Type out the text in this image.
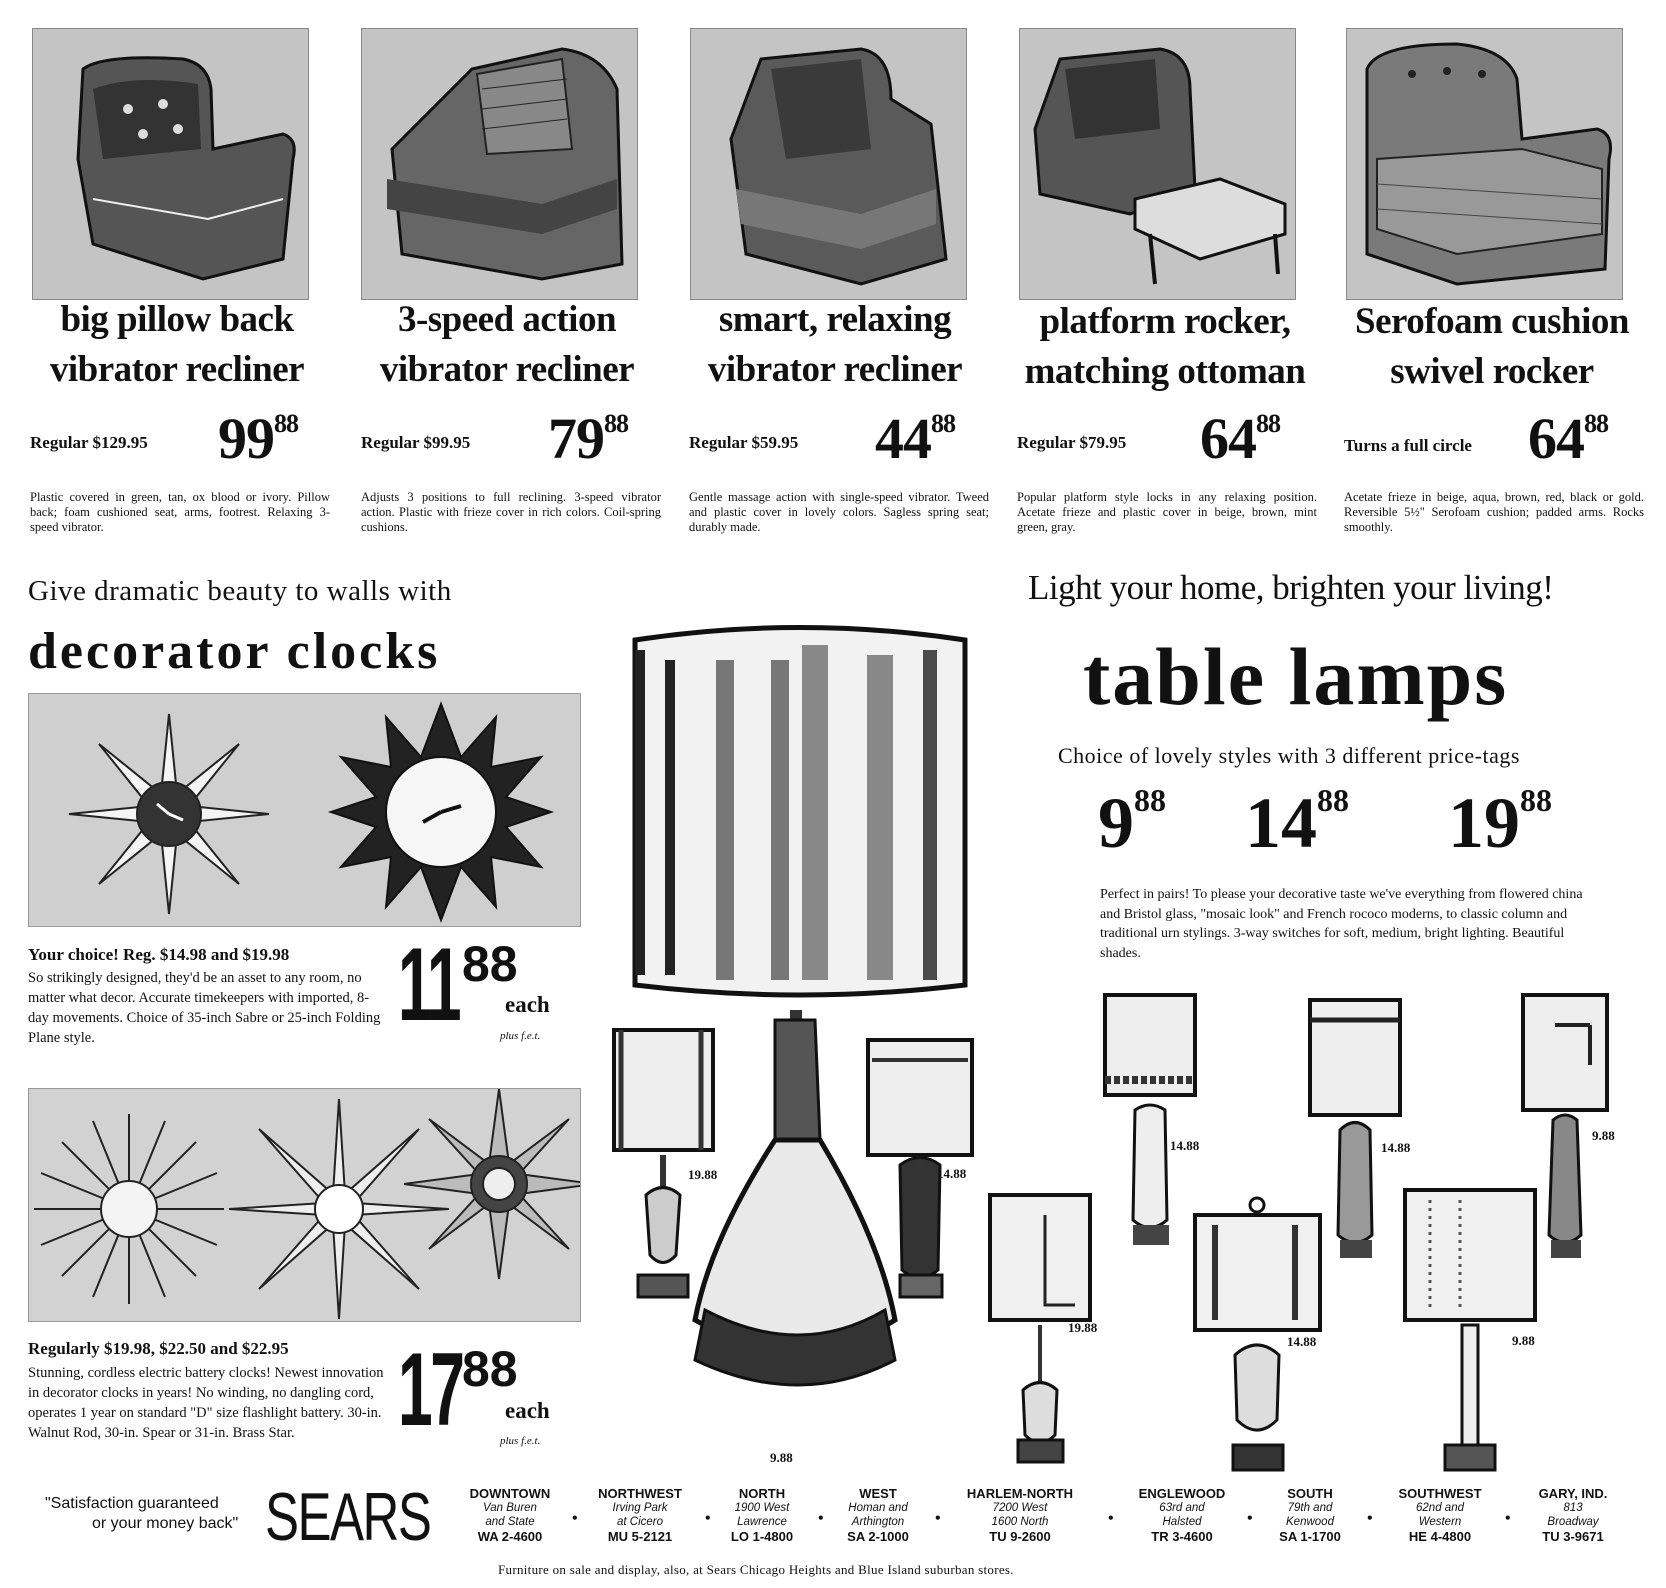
big pillow back
vibrator recliner
Regular $129.95 $99^{88}$
Plastic covered in green, tan, ox blood or ivory. Pillow back; foam cushioned seat, arms, footrest. Relaxing 3-speed vibrator.
3-speed action
vibrator recliner
Regular $99.95 $79^{88}$
Adjusts 3 positions to full reclining. 3-speed vibrator action. Plastic with frieze cover in rich colors. Coil-spring cushions.
smart, relaxing
vibrator recliner
Regular $59.95 $44^{88}$
Gentle massage action with single-speed vibrator. Tweed and plastic cover in lovely colors. Sagless spring seat; durably made.
platform rocker,
matching ottoman
Regular $79.95 $64^{88}$
Popular platform style locks in any relaxing position. Acetate frieze and plastic cover in beige, brown, mint green, gray.
Serofoam cushion
swivel rocker
Turns a full circle $64^{88}$
Acetate frieze in beige, aqua, brown, red, black or gold. Reversible 5½" Serofoam cushion; padded arms. Rocks smoothly.
Give dramatic beauty to walls with
decorator clocks
Your choice! Reg. $14.98 and $19.98
So strikingly designed, they'd be an asset to any room, no matter what decor. Accurate timekeepers with imported, 8-day movements. Choice of 35-inch Sabre or 25-inch Folding Plane style.	11 88
each
plus f.e.t.
Regularly $19.98, $22.50 and $22.95
Stunning, cordless electric battery clocks! Newest innovation in decorator clocks in years! No winding, no dangling cord, operates 1 year on standard "D" size flashlight battery. 30-in. Walnut Rod, 30-in. Spear or 31-in. Brass Star. 17 88
each
plus f.e.t.
Light your home, brighten your living!
table lamps
Choice of lovely styles with 3 different price-tags
$9^{88}$ $14^{88}$ $19^{88}$
Perfect in pairs! To please your decorative taste we've everything from flowered china and Bristol glass, "mosaic look" and French rococo moderns, to classic column and traditional urn stylings. 3-way switches for soft, medium, bright lighting. Beautiful shades.
19.88
9.88
14.88
19.88
14.88
14.88
14.88
9.88
9.88
"Satisfaction guaranteed
or your money back" SEARS	DOWNTOWN
Van Buren
and State
WA 2-4600
•
NORTHWEST
Irving Park
at Cicero
MU 5-2121
•
NORTH
1900 West
Lawrence
LO 1-4800
•
WEST
Homan and
Arthington
SA 2-1000
•
HARLEM-NORTH
7200 West
1600 North
TU 9-2600
•
ENGLEWOOD
63rd and
Halsted
TR 3-4600
•
SOUTH
79th and
Kenwood
SA 1-1700
•
SOUTHWEST
62nd and
Western
HE 4-4800
•
GARY, IND.
813
Broadway
TU 3-9671
Furniture on sale and display, also, at Sears Chicago Heights and Blue Island suburban stores.
